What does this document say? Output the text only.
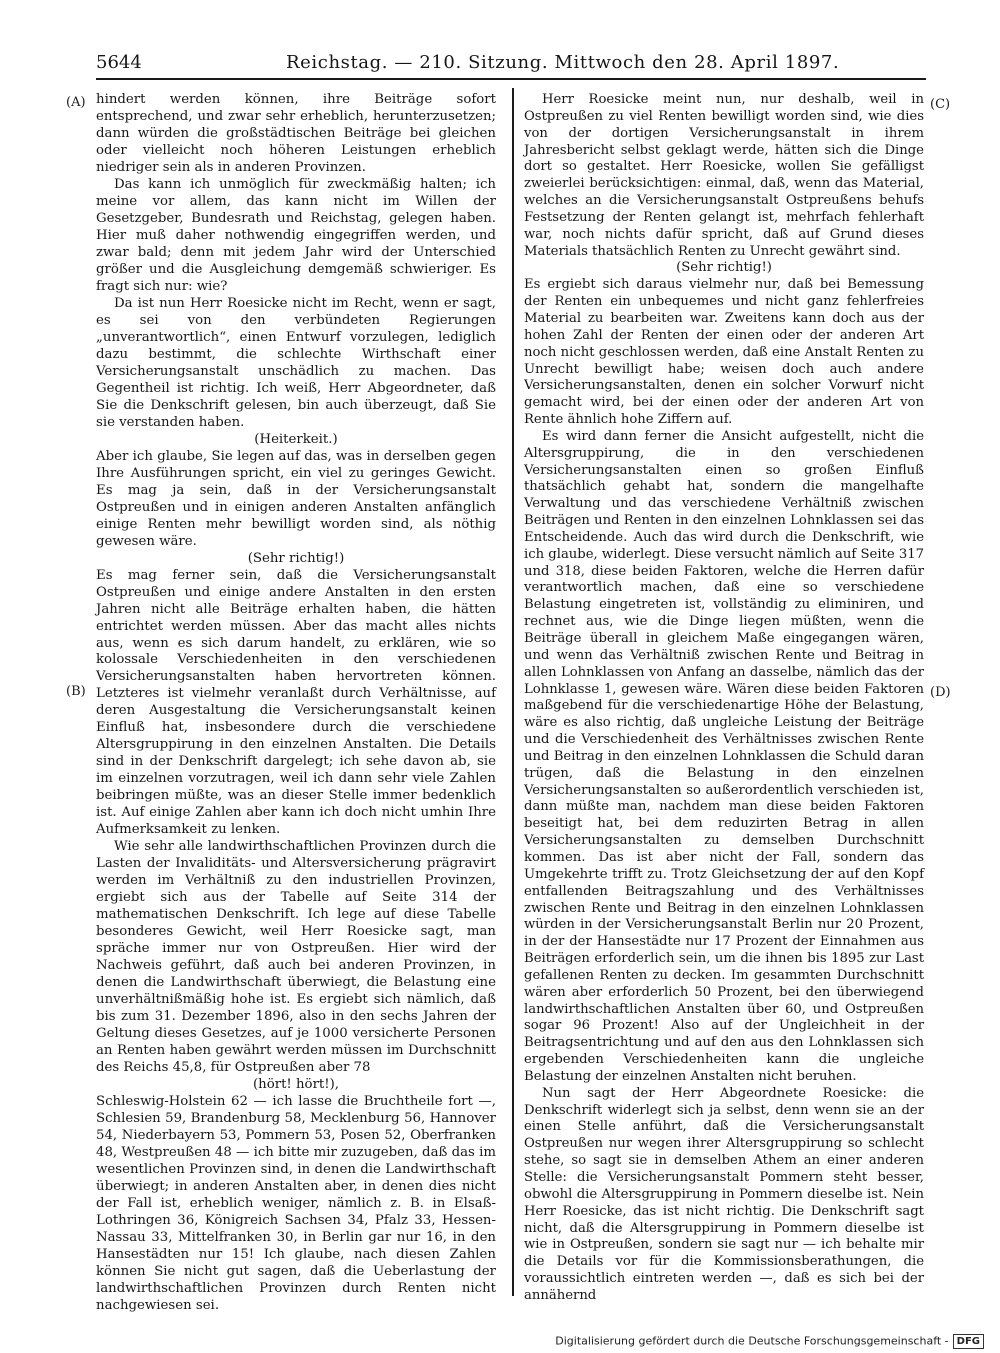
5644	Reichstag. — 210. Sitzung. Mittwoch den 28. April 1897.
(A)
(B)
(C)
(D)

hindert werden können, ihre Beiträge sofort entsprechend, und zwar sehr erheblich, herunterzusetzen; dann würden die großstädtischen Beiträge bei gleichen oder vielleicht noch höheren Leistungen erheblich niedriger sein als in anderen Provinzen.

Das kann ich unmöglich für zweckmäßig halten; ich meine vor allem, das kann nicht im Willen der Gesetzgeber, Bundesrath und Reichstag, gelegen haben. Hier muß daher nothwendig eingegriffen werden, und zwar bald; denn mit jedem Jahr wird der Unterschied größer und die Ausgleichung demgemäß schwieriger. Es fragt sich nur: wie?

Da ist nun Herr Roesicke nicht im Recht, wenn er sagt, es sei von den verbündeten Regierungen „unverantwortlich“, einen Entwurf vorzulegen, lediglich dazu bestimmt, die schlechte Wirthschaft einer Versicherungsanstalt unschädlich zu machen. Das Gegentheil ist richtig. Ich weiß, Herr Abgeordneter, daß Sie die Denkschrift gelesen, bin auch überzeugt, daß Sie sie verstanden haben.

(Heiterkeit.)

Aber ich glaube, Sie legen auf das, was in derselben gegen Ihre Ausführungen spricht, ein viel zu geringes Gewicht. Es mag ja sein, daß in der Versicherungsanstalt Ostpreußen und in einigen anderen Anstalten anfänglich einige Renten mehr bewilligt worden sind, als nöthig gewesen wäre.

(Sehr richtig!)

Es mag ferner sein, daß die Versicherungsanstalt Ostpreußen und einige andere Anstalten in den ersten Jahren nicht alle Beiträge erhalten haben, die hätten entrichtet werden müssen. Aber das macht alles nichts aus, wenn es sich darum handelt, zu erklären, wie so kolossale Verschiedenheiten in den verschiedenen Versicherungsanstalten haben hervortreten können. Letzteres ist vielmehr veranlaßt durch Verhältnisse, auf deren Ausgestaltung die Versicherungsanstalt keinen Einfluß hat, insbesondere durch die verschiedene Altersgruppirung in den einzelnen Anstalten. Die Details sind in der Denkschrift dargelegt; ich sehe davon ab, sie im einzelnen vorzutragen, weil ich dann sehr viele Zahlen beibringen müßte, was an dieser Stelle immer bedenklich ist. Auf einige Zahlen aber kann ich doch nicht umhin Ihre Aufmerksamkeit zu lenken.

Wie sehr alle landwirthschaftlichen Provinzen durch die Lasten der Invaliditäts- und Altersversicherung prägravirt werden im Verhältniß zu den industriellen Provinzen, ergiebt sich aus der Tabelle auf Seite 314 der mathematischen Denkschrift. Ich lege auf diese Tabelle besonderes Gewicht, weil Herr Roesicke sagt, man spräche immer nur von Ostpreußen. Hier wird der Nachweis geführt, daß auch bei anderen Provinzen, in denen die Landwirthschaft überwiegt, die Belastung eine unverhältnißmäßig hohe ist. Es ergiebt sich nämlich, daß bis zum 31. Dezember 1896, also in den sechs Jahren der Geltung dieses Gesetzes, auf je 1000 versicherte Personen an Renten haben gewährt werden müssen im Durchschnitt des Reichs 45,8, für Ostpreußen aber 78

(hört! hört!),

Schleswig-Holstein 62 — ich lasse die Bruchtheile fort —, Schlesien 59, Brandenburg 58, Mecklenburg 56, Hannover 54, Niederbayern 53, Pommern 53, Posen 52, Oberfranken 48, Westpreußen 48 — ich bitte mir zuzugeben, daß das im wesentlichen Provinzen sind, in denen die Landwirthschaft überwiegt; in anderen Anstalten aber, in denen dies nicht der Fall ist, erheblich weniger, nämlich z. B. in Elsaß-Lothringen 36, Königreich Sachsen 34, Pfalz 33, Hessen-Nassau 33, Mittelfranken 30, in Berlin gar nur 16, in den Hansestädten nur 15! Ich glaube, nach diesen Zahlen können Sie nicht gut sagen, daß die Ueberlastung der landwirthschaftlichen Provinzen durch Renten nicht nachgewiesen sei.

Herr Roesicke meint nun, nur deshalb, weil in Ostpreußen zu viel Renten bewilligt worden sind, wie dies von der dortigen Versicherungsanstalt in ihrem Jahresbericht selbst geklagt werde, hätten sich die Dinge dort so gestaltet. Herr Roesicke, wollen Sie gefälligst zweierlei berücksichtigen: einmal, daß, wenn das Material, welches an die Versicherungsanstalt Ostpreußens behufs Festsetzung der Renten gelangt ist, mehrfach fehlerhaft war, noch nichts dafür spricht, daß auf Grund dieses Materials thatsächlich Renten zu Unrecht gewährt sind.

(Sehr richtig!)

Es ergiebt sich daraus vielmehr nur, daß bei Bemessung der Renten ein unbequemes und nicht ganz fehlerfreies Material zu bearbeiten war. Zweitens kann doch aus der hohen Zahl der Renten der einen oder der anderen Art noch nicht geschlossen werden, daß eine Anstalt Renten zu Unrecht bewilligt habe; weisen doch auch andere Versicherungsanstalten, denen ein solcher Vorwurf nicht gemacht wird, bei der einen oder der anderen Art von Rente ähnlich hohe Ziffern auf.

Es wird dann ferner die Ansicht aufgestellt, nicht die Altersgruppirung, die in den verschiedenen Versicherungsanstalten einen so großen Einfluß thatsächlich gehabt hat, sondern die mangelhafte Verwaltung und das verschiedene Verhältniß zwischen Beiträgen und Renten in den einzelnen Lohnklassen sei das Entscheidende. Auch das wird durch die Denkschrift, wie ich glaube, widerlegt. Diese versucht nämlich auf Seite 317 und 318, diese beiden Faktoren, welche die Herren dafür verantwortlich machen, daß eine so verschiedene Belastung eingetreten ist, vollständig zu eliminiren, und rechnet aus, wie die Dinge liegen müßten, wenn die Beiträge überall in gleichem Maße eingegangen wären, und wenn das Verhältniß zwischen Rente und Beitrag in allen Lohnklassen von Anfang an dasselbe, nämlich das der Lohnklasse 1, gewesen wäre. Wären diese beiden Faktoren maßgebend für die verschiedenartige Höhe der Belastung, wäre es also richtig, daß ungleiche Leistung der Beiträge und die Verschiedenheit des Verhältnisses zwischen Rente und Beitrag in den einzelnen Lohnklassen die Schuld daran trügen, daß die Belastung in den einzelnen Versicherungsanstalten so außerordentlich verschieden ist, dann müßte man, nachdem man diese beiden Faktoren beseitigt hat, bei dem reduzirten Betrag in allen Versicherungsanstalten zu demselben Durchschnitt kommen. Das ist aber nicht der Fall, sondern das Umgekehrte trifft zu. Trotz Gleichsetzung der auf den Kopf entfallenden Beitragszahlung und des Verhältnisses zwischen Rente und Beitrag in den einzelnen Lohnklassen würden in der Versicherungsanstalt Berlin nur 20 Prozent, in der der Hansestädte nur 17 Prozent der Einnahmen aus Beiträgen erforderlich sein, um die ihnen bis 1895 zur Last gefallenen Renten zu decken. Im gesammten Durchschnitt wären aber erforderlich 50 Prozent, bei den überwiegend landwirthschaftlichen Anstalten über 60, und Ostpreußen sogar 96 Prozent! Also auf der Ungleichheit in der Beitragsentrichtung und auf den aus den Lohnklassen sich ergebenden Verschiedenheiten kann die ungleiche Belastung der einzelnen Anstalten nicht beruhen.

Nun sagt der Herr Abgeordnete Roesicke: die Denkschrift widerlegt sich ja selbst, denn wenn sie an der einen Stelle anführt, daß die Versicherungsanstalt Ostpreußen nur wegen ihrer Altersgruppirung so schlecht stehe, so sagt sie in demselben Athem an einer anderen Stelle: die Versicherungsanstalt Pommern steht besser, obwohl die Altersgruppirung in Pommern dieselbe ist. Nein Herr Roesicke, das ist nicht richtig. Die Denkschrift sagt nicht, daß die Altersgruppirung in Pommern dieselbe ist wie in Ostpreußen, sondern sie sagt nur — ich behalte mir die Details vor für die Kommissionsberathungen, die voraussichtlich eintreten werden —, daß es sich bei der annähernd

Digitalisierung gefördert durch die Deutsche Forschungsgemeinschaft - DFG
